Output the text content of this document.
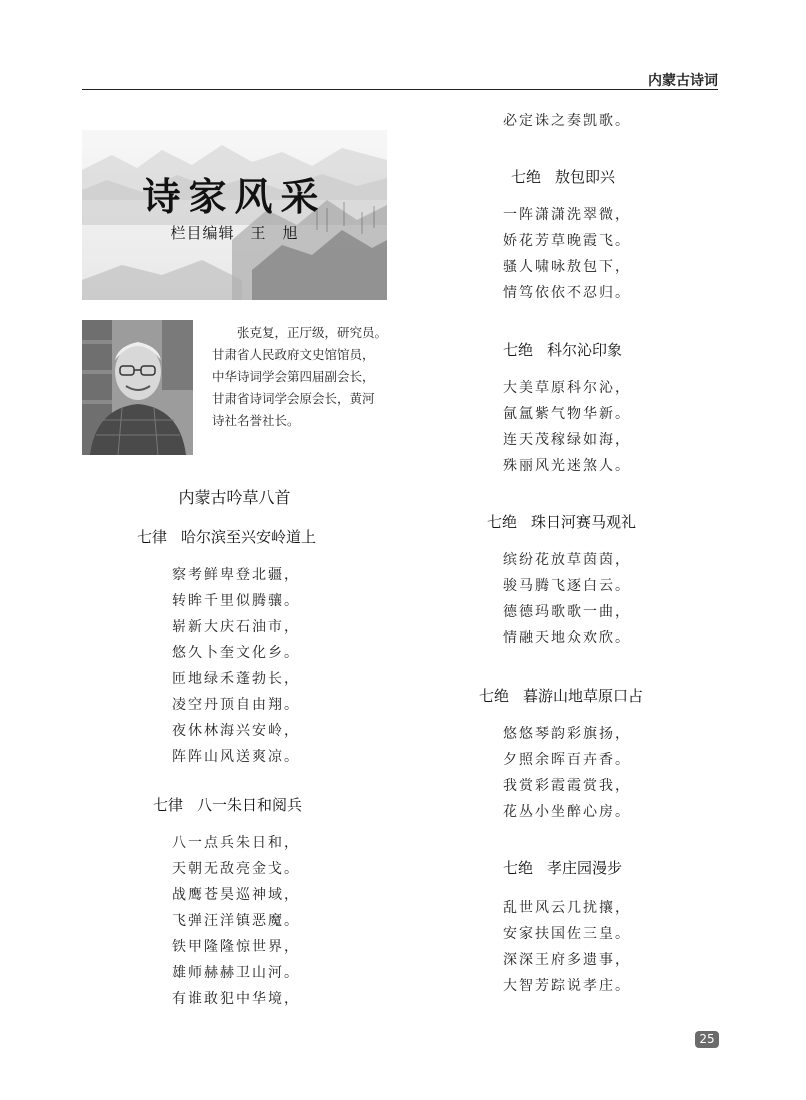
内蒙古诗词
诗家风采
栏目编辑　王　旭

张克复，正厅级，研究员。

甘肃省人民政府文史馆馆员，

中华诗词学会第四届副会长，

甘肃省诗词学会原会长，黄河

诗社名誉社长。

内蒙古吟草八首
七律 哈尔滨至兴安岭道上
察考鲜卑登北疆，
转眸千里似腾骧。
崭新大庆石油市，
悠久卜奎文化乡。
匝地绿禾蓬勃长，
凌空丹顶自由翔。
夜休林海兴安岭，
阵阵山风送爽凉。
七律 八一朱日和阅兵
八一点兵朱日和，
天朝无敌亮金戈。
战鹰苍昊巡神域，
飞弹汪洋镇恶魔。
铁甲隆隆惊世界，
雄师赫赫卫山河。
有谁敢犯中华境，
必定诛之奏凯歌。
七绝 敖包即兴
一阵潇潇洗翠微，
娇花芳草晚霞飞。
骚人啸咏敖包下，
情笃依依不忍归。
七绝 科尔沁印象
大美草原科尔沁，
氤氲紫气物华新。
连天茂稼绿如海，
殊丽风光迷煞人。
七绝 珠日河赛马观礼
缤纷花放草茵茵，
骏马腾飞逐白云。
德德玛歌歌一曲，
情融天地众欢欣。
七绝 暮游山地草原口占
悠悠琴韵彩旗扬，
夕照余晖百卉香。
我赏彩霞霞赏我，
花丛小坐醉心房。
七绝 孝庄园漫步
乱世风云几扰攘，
安家扶国佐三皇。
深深王府多遗事，
大智芳踪说孝庄。
25
